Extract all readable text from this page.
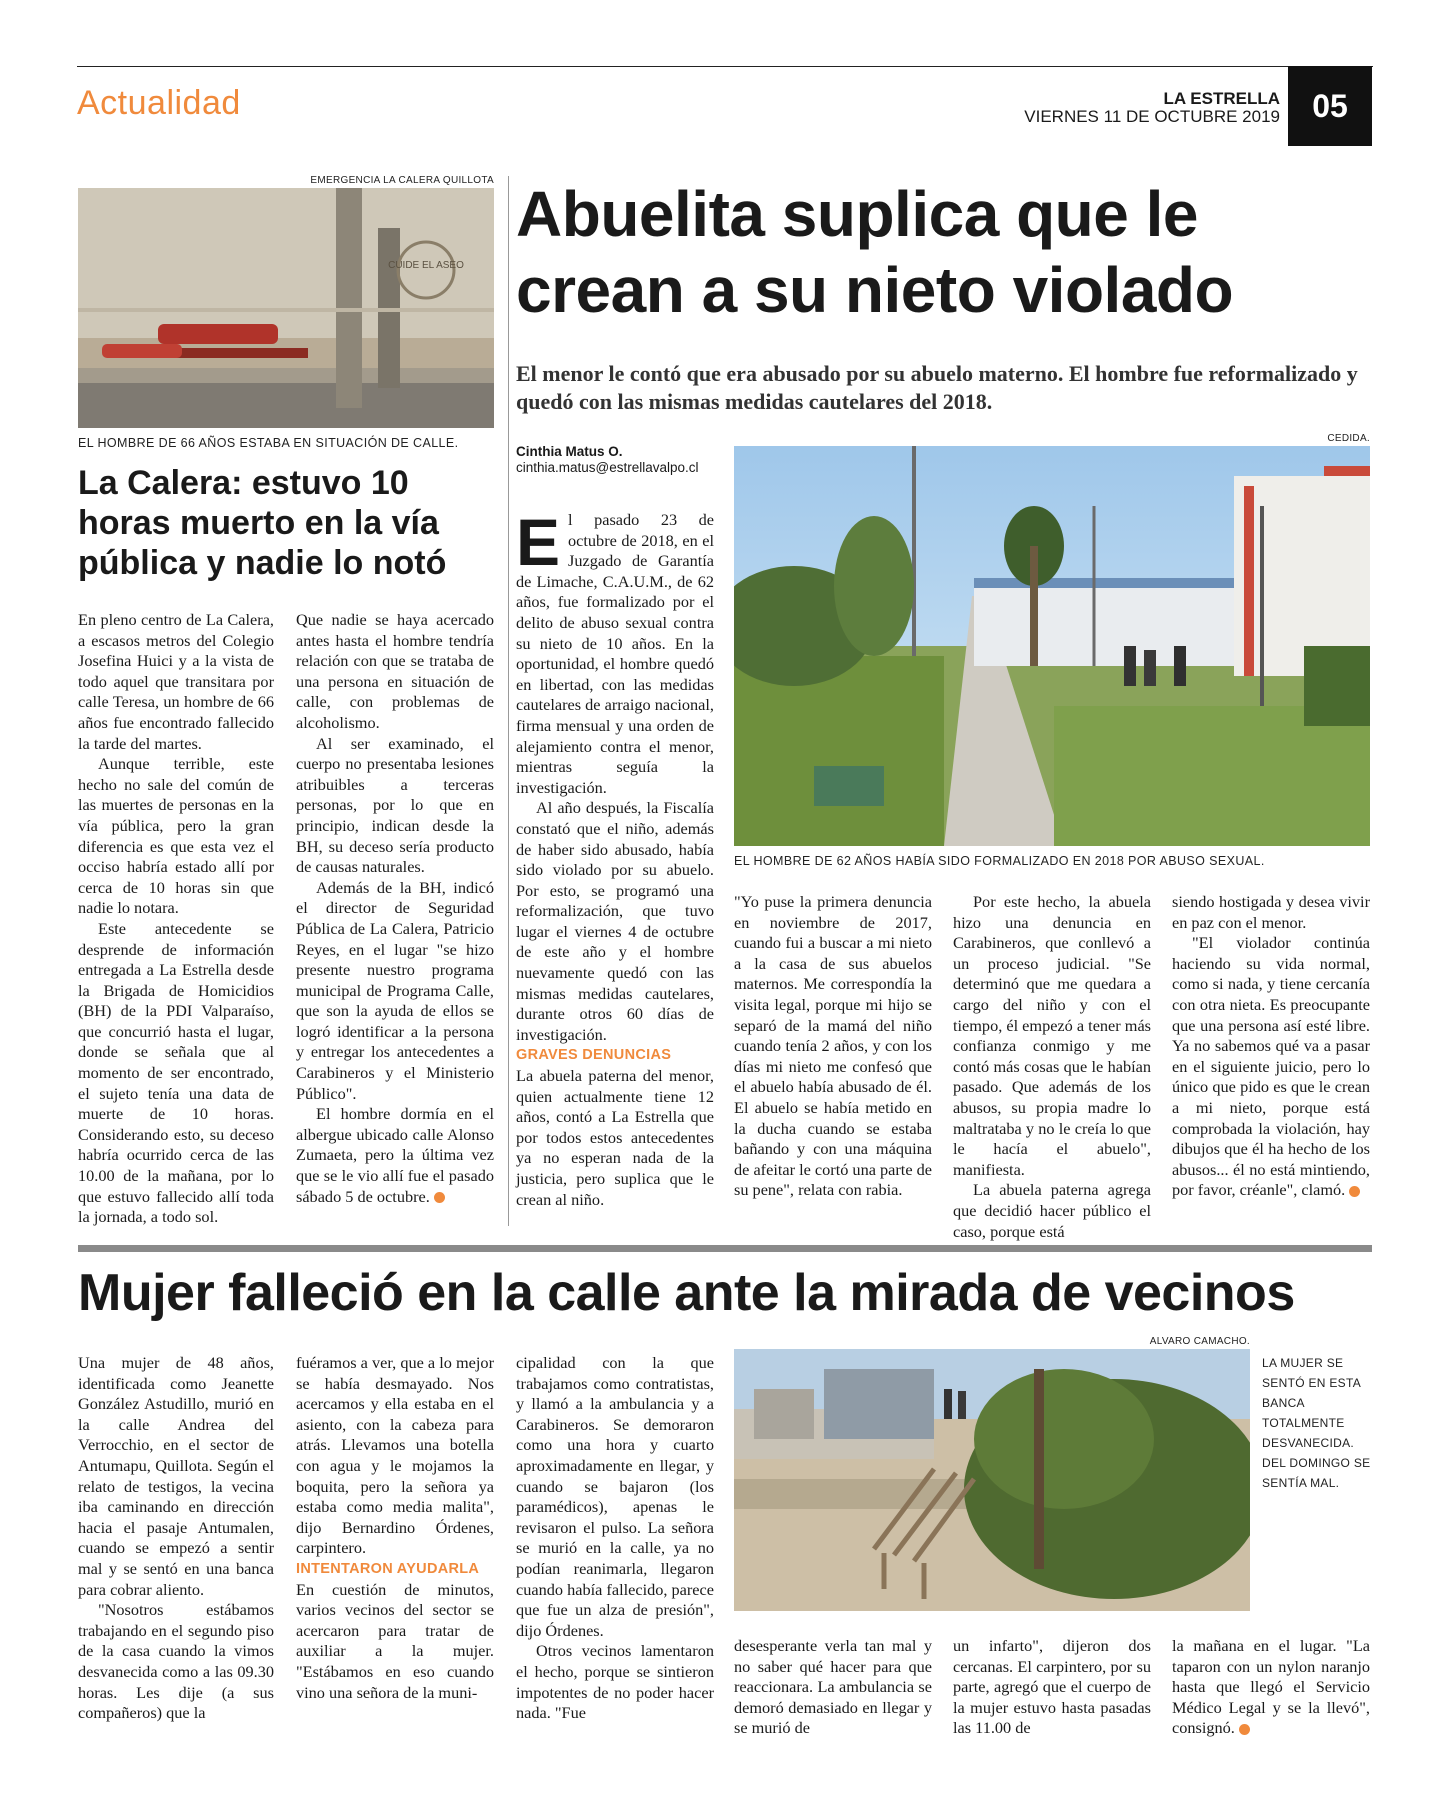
Actualidad	LA ESTRELLA
VIERNES 11 DE OCTUBRE 2019	05
EMERGENCIA LA CALERA QUILLOTA
CUIDE EL ASEO
EL HOMBRE DE 66 AÑOS ESTABA EN SITUACIÓN DE CALLE.
La Calera: estuvo 10 horas muerto en la vía pública y nadie lo notó

En pleno centro de La Calera, a escasos metros del Colegio Josefina Huici y a la vista de todo aquel que transitara por calle Teresa, un hombre de 66 años fue encontrado fallecido la tarde del martes.

Aunque terrible, este hecho no sale del común de las muertes de personas en la vía pública, pero la gran diferencia es que esta vez el occiso habría estado allí por cerca de 10 horas sin que nadie lo notara.

Este antecedente se desprende de información entregada a La Estrella desde la Brigada de Homicidios (BH) de la PDI Valparaíso, que concurrió hasta el lugar, donde se señala que al momento de ser encontrado, el sujeto tenía una data de muerte de 10 horas. Considerando esto, su deceso habría ocurrido cerca de las 10.00 de la mañana, por lo que estuvo fallecido allí toda la jornada, a todo sol.

Que nadie se haya acercado antes hasta el hombre tendría relación con que se trataba de una persona en situación de calle, con problemas de alcoholismo.

Al ser examinado, el cuerpo no presentaba lesiones atribuibles a terceras personas, por lo que en principio, indican desde la BH, su deceso sería producto de causas naturales.

Además de la BH, indicó el director de Seguridad Pública de La Calera, Patricio Reyes, en el lugar "se hizo presente nuestro programa municipal de Programa Calle, que son la ayuda de ellos se logró identificar a la persona y entregar los antecedentes a Carabineros y el Ministerio Público".

El hombre dormía en el albergue ubicado calle Alonso Zumaeta, pero la última vez que se le vio allí fue el pasado sábado 5 de octubre.

Abuelita suplica que le crean a su nieto violado
El menor le contó que era abusado por su abuelo materno. El hombre fue reformalizado y quedó con las mismas medidas cautelares del 2018.
Cinthia Matus O.
cinthia.matus@estrellavalpo.cl
CEDIDA.
EL HOMBRE DE 62 AÑOS HABÍA SIDO FORMALIZADO EN 2018 POR ABUSO SEXUAL.

El pasado 23 de octubre de 2018, en el Juzgado de Garantía de Limache, C.A.U.M., de 62 años, fue formalizado por el delito de abuso sexual contra su nieto de 10 años. En la oportunidad, el hombre quedó en libertad, con las medidas cautelares de arraigo nacional, firma mensual y una orden de alejamiento contra el menor, mientras seguía la investigación.

Al año después, la Fiscalía constató que el niño, además de haber sido abusado, había sido violado por su abuelo. Por esto, se programó una reformalización, que tuvo lugar el viernes 4 de octubre de este año y el hombre nuevamente quedó con las mismas medidas cautelares, durante otros 60 días de investigación.

GRAVES DENUNCIAS

La abuela paterna del menor, quien actualmente tiene 12 años, contó a La Estrella que por todos estos antecedentes ya no esperan nada de la justicia, pero suplica que le crean al niño.

"Yo puse la primera denuncia en noviembre de 2017, cuando fui a buscar a mi nieto a la casa de sus abuelos maternos. Me correspondía la visita legal, porque mi hijo se separó de la mamá del niño cuando tenía 2 años, y con los días mi nieto me confesó que el abuelo había abusado de él. El abuelo se había metido en la ducha cuando se estaba bañando y con una máquina de afeitar le cortó una parte de su pene", relata con rabia.

Por este hecho, la abuela hizo una denuncia en Carabineros, que conllevó a un proceso judicial. "Se determinó que me quedara a cargo del niño y con el tiempo, él empezó a tener más confianza conmigo y me contó más cosas que le habían pasado. Que además de los abusos, su propia madre lo maltrataba y no le creía lo que le hacía el abuelo", manifiesta.

La abuela paterna agrega que decidió hacer público el caso, porque está

siendo hostigada y desea vivir en paz con el menor.

"El violador continúa haciendo su vida normal, como si nada, y tiene cercanía con otra nieta. Es preocupante que una persona así esté libre. Ya no sabemos qué va a pasar en el siguiente juicio, pero lo único que pido es que le crean a mi nieto, porque está comprobada la violación, hay dibujos que él ha hecho de los abusos... él no está mintiendo, por favor, créanle", clamó.

Mujer falleció en la calle ante la mirada de vecinos
ALVARO CAMACHO.
LA MUJER SE SENTÓ EN ESTA BANCA TOTALMENTE DESVANECIDA. DEL DOMINGO SE SENTÍA MAL.

Una mujer de 48 años, identificada como Jeanette González Astudillo, murió en la calle Andrea del Verrocchio, en el sector de Antumapu, Quillota. Según el relato de testigos, la vecina iba caminando en dirección hacia el pasaje Antumalen, cuando se empezó a sentir mal y se sentó en una banca para cobrar aliento.

"Nosotros estábamos trabajando en el segundo piso de la casa cuando la vimos desvanecida como a las 09.30 horas. Les dije (a sus compañeros) que la

fuéramos a ver, que a lo mejor se había desmayado. Nos acercamos y ella estaba en el asiento, con la cabeza para atrás. Llevamos una botella con agua y le mojamos la boquita, pero la señora ya estaba como media malita", dijo Bernardino Órdenes, carpintero.

INTENTARON AYUDARLA

En cuestión de minutos, varios vecinos del sector se acercaron para tratar de auxiliar a la mujer. "Estábamos en eso cuando vino una señora de la muni-

cipalidad con la que trabajamos como contratistas, y llamó a la ambulancia y a Carabineros. Se demoraron como una hora y cuarto aproximadamente en llegar, y cuando se bajaron (los paramédicos), apenas le revisaron el pulso. La señora se murió en la calle, ya no podían reanimarla, llegaron cuando había fallecido, parece que fue un alza de presión", dijo Órdenes.

Otros vecinos lamentaron el hecho, porque se sintieron impotentes de no poder hacer nada. "Fue

desesperante verla tan mal y no saber qué hacer para que reaccionara. La ambulancia se demoró demasiado en llegar y se murió de

un infarto", dijeron dos cercanas. El carpintero, por su parte, agregó que el cuerpo de la mujer estuvo hasta pasadas las 11.00 de

la mañana en el lugar. "La taparon con un nylon naranjo hasta que llegó el Servicio Médico Legal y se la llevó", consignó.
